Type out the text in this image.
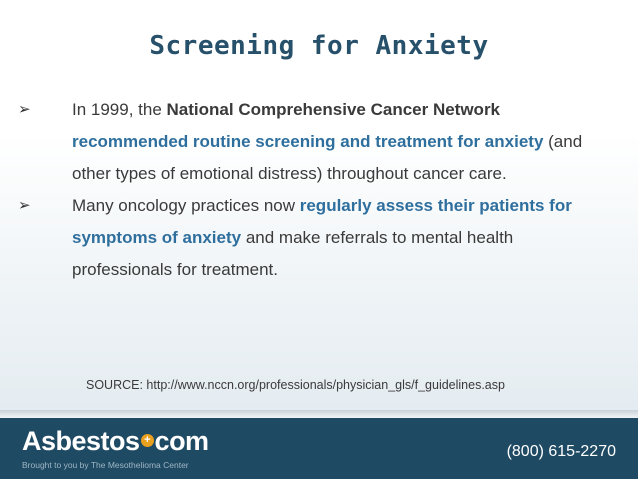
Screening for Anxiety
➢	In 1999, the National Comprehensive Cancer Network
recommended routine screening and treatment for anxiety (and
other types of emotional distress) throughout cancer care.
➢	Many oncology practices now regularly assess their patients for
symptoms of anxiety and make referrals to mental health
professionals for treatment.
SOURCE: http://www.nccn.org/professionals/physician_gls/f_guidelines.asp
Asbestos + com
Brought to you by The Mesothelioma Center
(800) 615-2270
